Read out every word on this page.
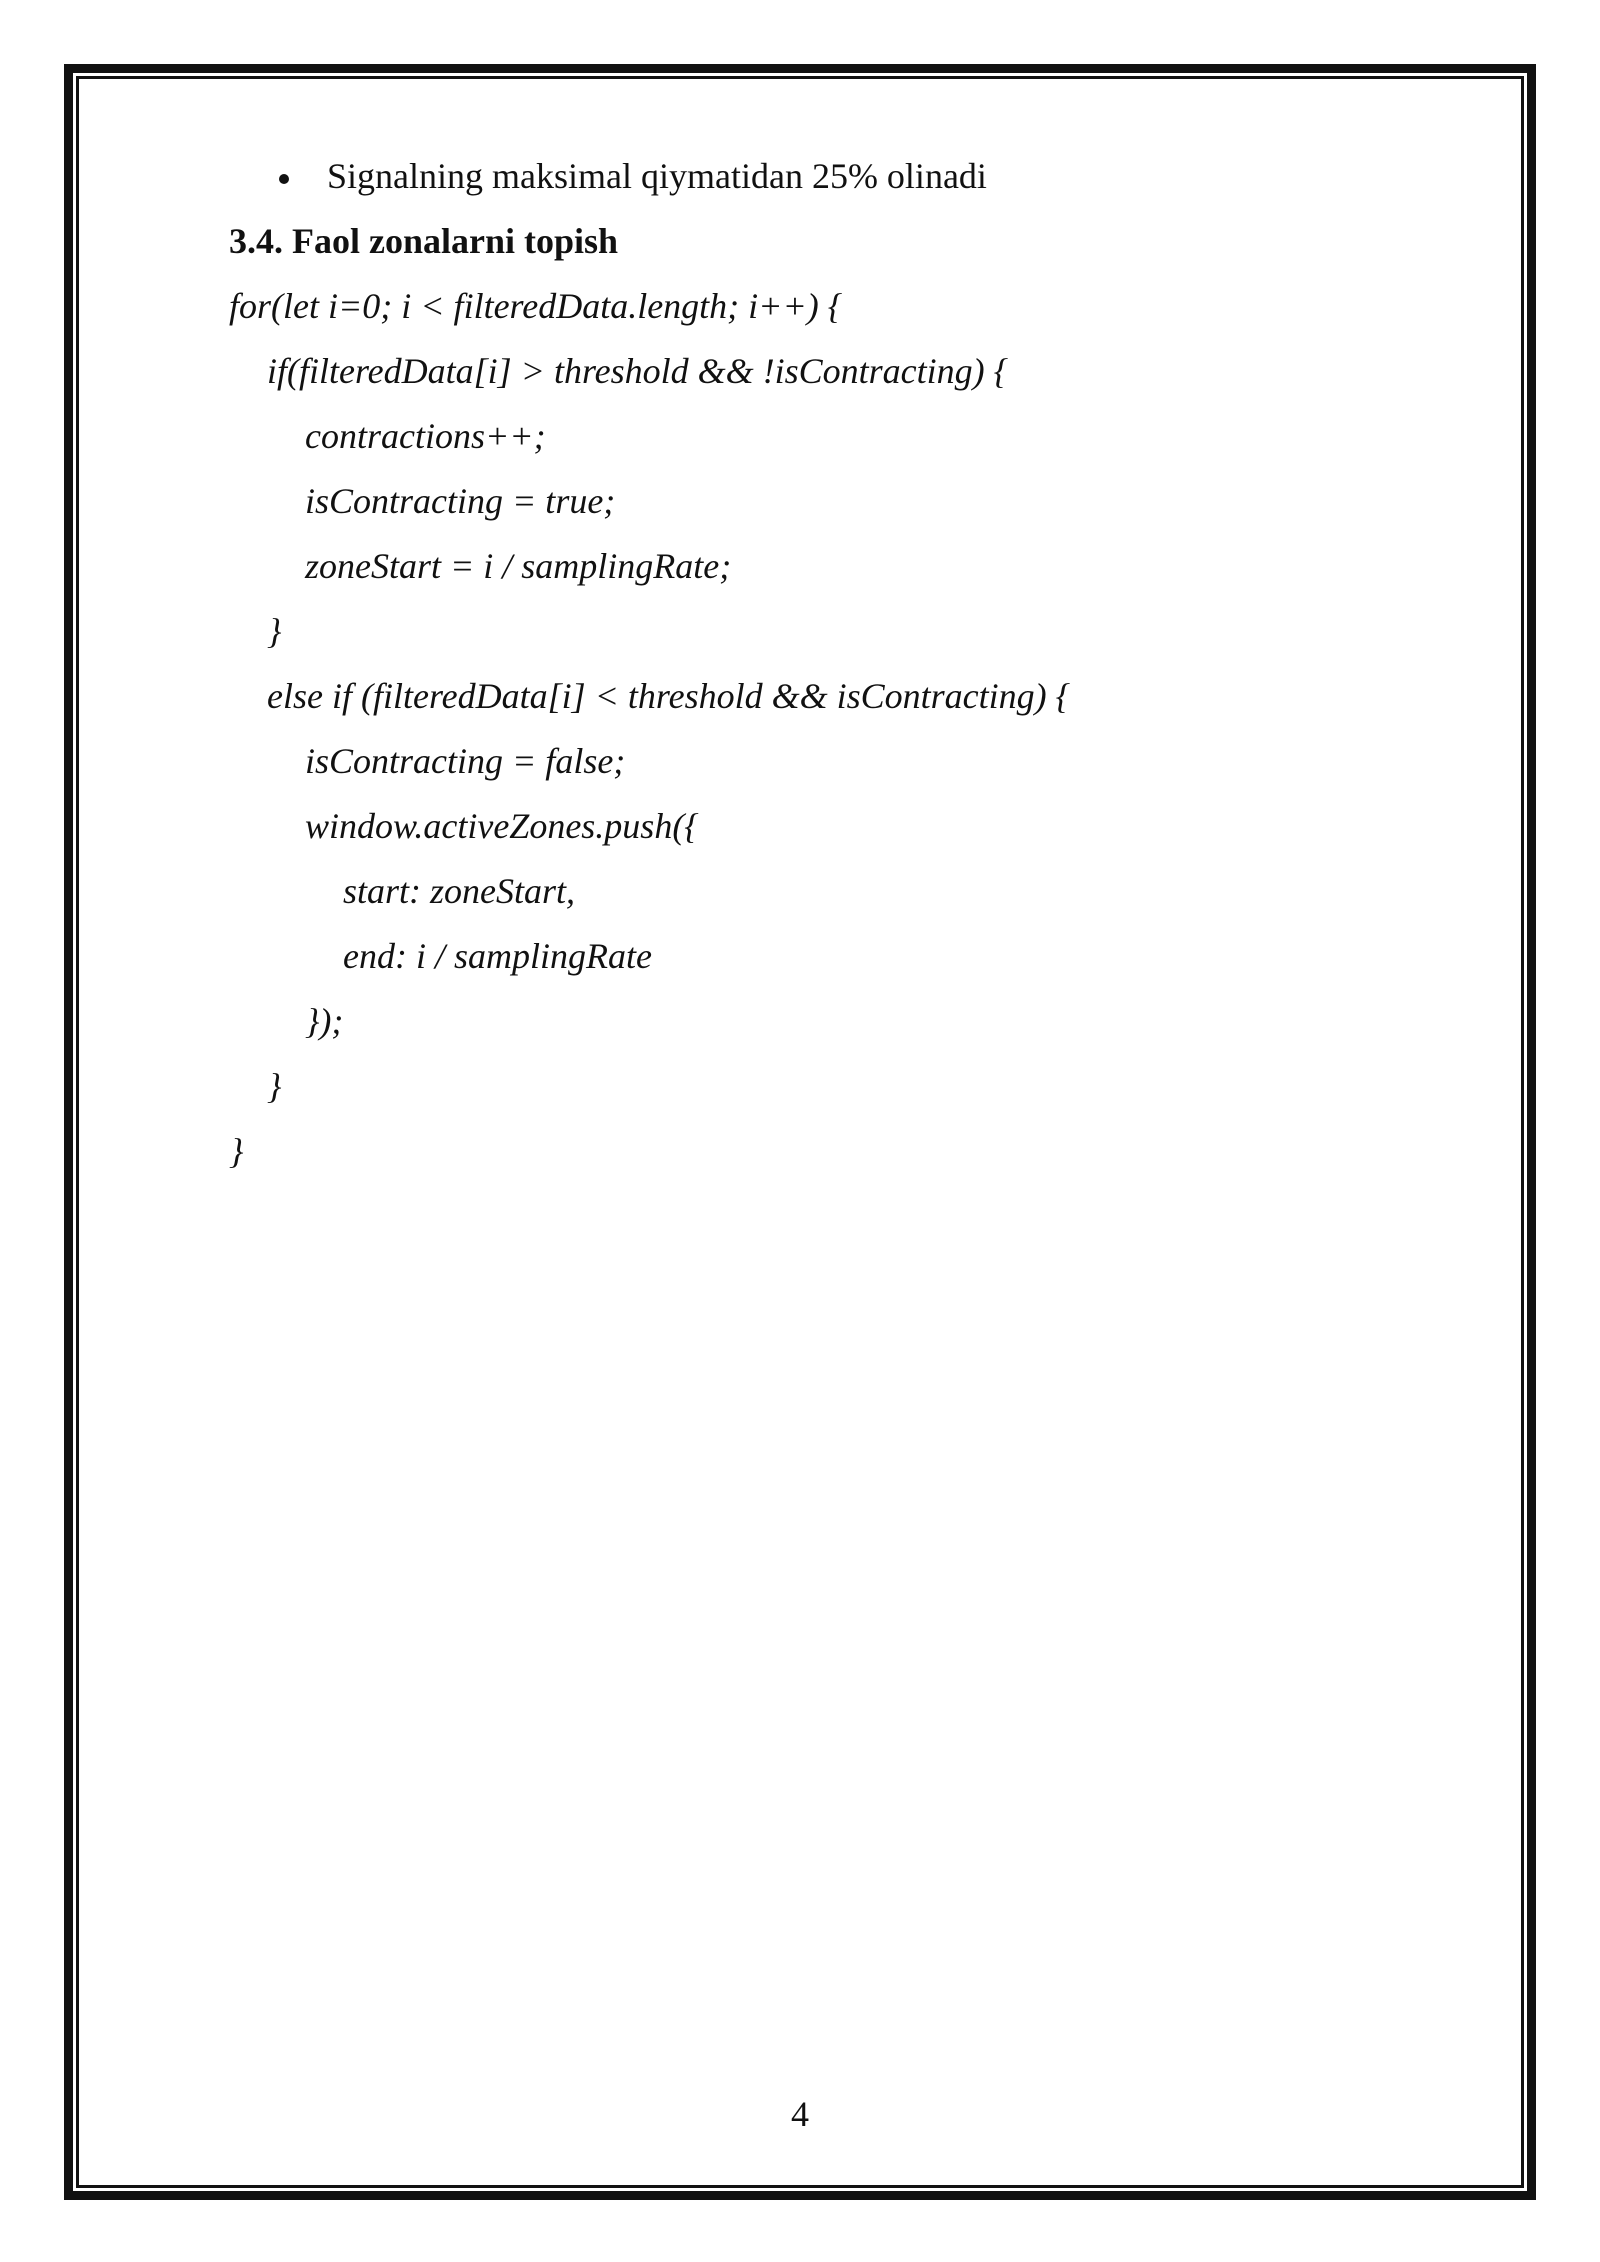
Signalning maksimal qiymatidan 25% olinadi

3.4. Faol zonalarni topish
for(let i=0; i < filteredData.length; i++) {
if(filteredData[i] > threshold && !isContracting) {
contractions++;
isContracting = true;
zoneStart = i / samplingRate;
}
else if (filteredData[i] < threshold && isContracting) {
isContracting = false;
window.activeZones.push({
start: zoneStart,
end: i / samplingRate
});
}
}
4
